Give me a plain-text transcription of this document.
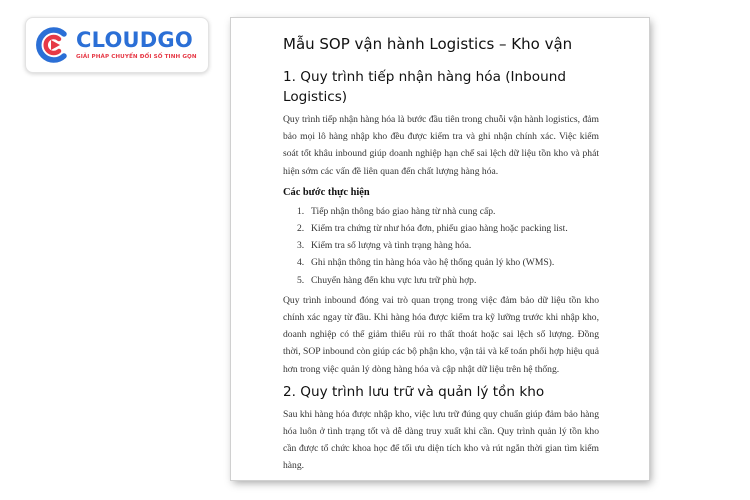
CLOUDGO
GIẢI PHÁP CHUYỂN ĐỔI SỐ TINH GỌN
Mẫu SOP vận hành Logistics – Kho vận
1. Quy trình tiếp nhận hàng hóa (Inbound Logistics)

Quy trình tiếp nhận hàng hóa là bước đầu tiên trong chuỗi vận hành logistics, đảm bảo mọi lô hàng nhập kho đều được kiểm tra và ghi nhận chính xác. Việc kiểm soát tốt khâu inbound giúp doanh nghiệp hạn chế sai lệch dữ liệu tồn kho và phát hiện sớm các vấn đề liên quan đến chất lượng hàng hóa.

Các bước thực hiện
1. Tiếp nhận thông báo giao hàng từ nhà cung cấp.
2. Kiểm tra chứng từ như hóa đơn, phiếu giao hàng hoặc packing list.
3. Kiểm tra số lượng và tình trạng hàng hóa.
4. Ghi nhận thông tin hàng hóa vào hệ thống quản lý kho (WMS).
5. Chuyển hàng đến khu vực lưu trữ phù hợp.

Quy trình inbound đóng vai trò quan trọng trong việc đảm bảo dữ liệu tồn kho chính xác ngay từ đầu. Khi hàng hóa được kiểm tra kỹ lưỡng trước khi nhập kho, doanh nghiệp có thể giảm thiểu rủi ro thất thoát hoặc sai lệch số lượng. Đồng thời, SOP inbound còn giúp các bộ phận kho, vận tải và kế toán phối hợp hiệu quả hơn trong việc quản lý dòng hàng hóa và cập nhật dữ liệu trên hệ thống.

2. Quy trình lưu trữ và quản lý tồn kho

Sau khi hàng hóa được nhập kho, việc lưu trữ đúng quy chuẩn giúp đảm bảo hàng hóa luôn ở tình trạng tốt và dễ dàng truy xuất khi cần. Quy trình quản lý tồn kho cần được tổ chức khoa học để tối ưu diện tích kho và rút ngắn thời gian tìm kiếm hàng.
